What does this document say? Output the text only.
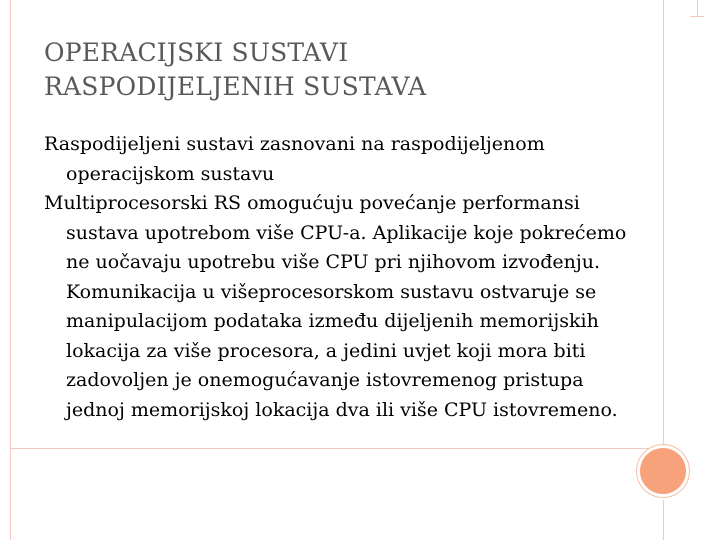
OPERACIJSKI SUSTAVI
RASPODIJELJENIH SUSTAVA

Raspodijeljeni sustavi zasnovani na raspodijeljenom operacijskom sustavu

Multiprocesorski RS omogućuju povećanje performansi sustava upotrebom više CPU-a. Aplikacije koje pokrećemo ne uočavaju upotrebu više CPU pri njihovom izvođenju. Komunikacija u višeprocesorskom sustavu ostvaruje se manipulacijom podataka između dijeljenih memorijskih lokacija za više procesora, a jedini uvjet koji mora biti zadovoljen je onemogućavanje istovremenog pristupa jednoj memorijskoj lokacija dva ili više CPU istovremeno.
